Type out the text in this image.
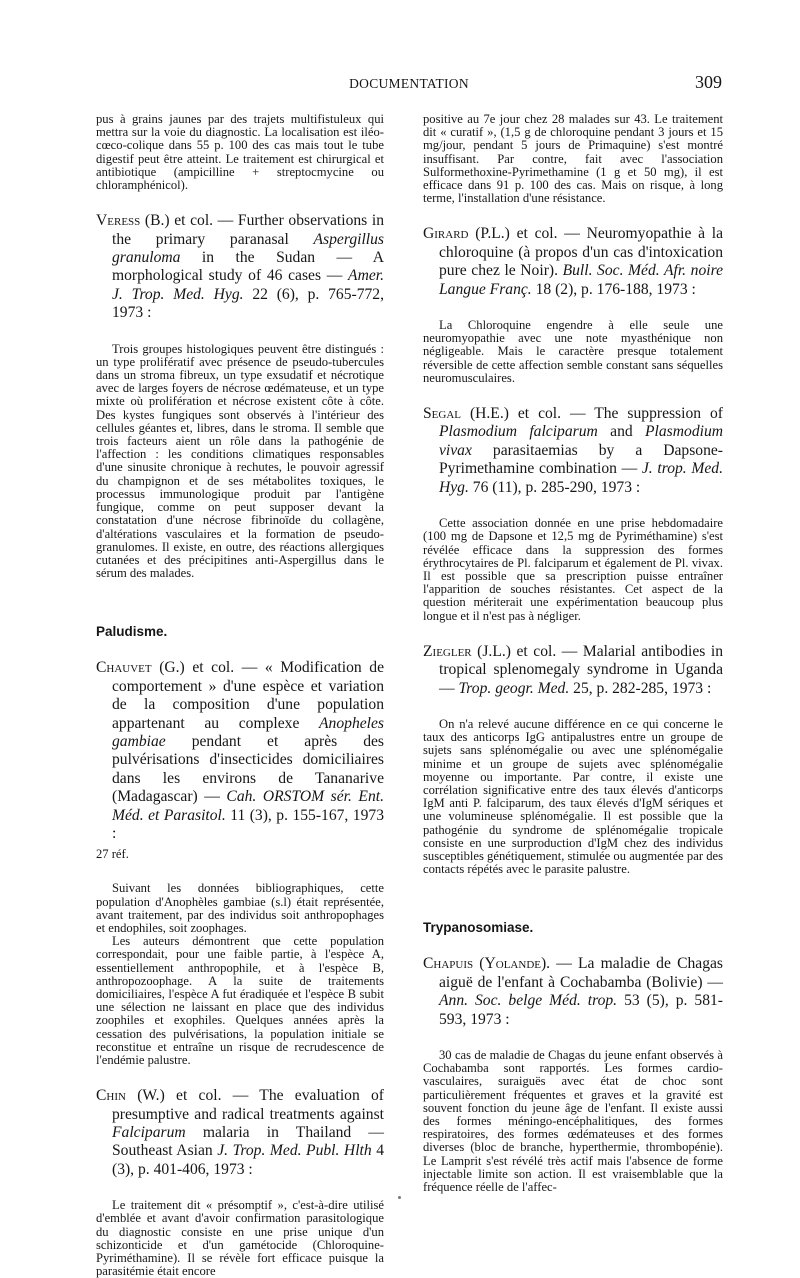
DOCUMENTATION	309

pus à grains jaunes par des trajets multifistuleux qui mettra sur la voie du diagnostic. La localisation est iléo-cœco-colique dans 55 p. 100 des cas mais tout le tube digestif peut être atteint. Le traitement est chirurgical et antibiotique (ampicilline + streptocmycine ou chloramphénicol).

Veress (B.) et col. — Further observations in the primary paranasal Aspergillus granuloma in the Sudan — A morphological study of 46 cases — Amer. J. Trop. Med. Hyg. 22 (6), p. 765-772, 1973 :

Trois groupes histologiques peuvent être distingués : un type prolifératif avec présence de pseudo-tubercules dans un stroma fibreux, un type exsudatif et nécrotique avec de larges foyers de nécrose œdémateuse, et un type mixte où prolifération et nécrose existent côte à côte. Des kystes fungiques sont observés à l'intérieur des cellules géantes et, libres, dans le stroma. Il semble que trois facteurs aient un rôle dans la pathogénie de l'affection : les conditions climatiques responsables d'une sinusite chronique à rechutes, le pouvoir agressif du champignon et de ses métabolites toxiques, le processus immunologique produit par l'antigène fungique, comme on peut supposer devant la constatation d'une nécrose fibrinoïde du collagène, d'altérations vasculaires et la formation de pseudo-granulomes. Il existe, en outre, des réactions allergiques cutanées et des précipitines anti-Aspergillus dans le sérum des malades.

Paludisme.

Chauvet (G.) et col. — « Modification de comportement » d'une espèce et variation de la composition d'une population appartenant au complexe Anopheles gambiae pendant et après des pulvérisations d'insecticides domiciliaires dans les environs de Tananarive (Madagascar) — Cah. ORSTOM sér. Ent. Méd. et Parasitol. 11 (3), p. 155-167, 1973 :

27 réf.

Suivant les données bibliographiques, cette population d'Anophèles gambiae (s.l) était représentée, avant traitement, par des individus soit anthropophages et endophiles, soit zoophages.

Les auteurs démontrent que cette population correspondait, pour une faible partie, à l'espèce A, essentiellement anthropophile, et à l'espèce B, anthropozoophage. A la suite de traitements domiciliaires, l'espèce A fut éradiquée et l'espèce B subit une sélection ne laissant en place que des individus zoophiles et exophiles. Quelques années après la cessation des pulvérisations, la population initiale se reconstitue et entraîne un risque de recrudescence de l'endémie palustre.

Chin (W.) et col. — The evaluation of presumptive and radical treatments against Falciparum malaria in Thailand — Southeast Asian J. Trop. Med. Publ. Hlth 4 (3), p. 401-406, 1973 :

Le traitement dit « présomptif », c'est-à-dire utilisé d'emblée et avant d'avoir confirmation parasitologique du diagnostic consiste en une prise unique d'un schizonticide et d'un gamétocide (Chloroquine-Pyriméthamine). Il se révèle fort efficace puisque la parasitémie était encore

positive au 7e jour chez 28 malades sur 43. Le traitement dit « curatif », (1,5 g de chloroquine pendant 3 jours et 15 mg/jour, pendant 5 jours de Primaquine) s'est montré insuffisant. Par contre, fait avec l'association Sulformethoxine-Pyrimethamine (1 g et 50 mg), il est efficace dans 91 p. 100 des cas. Mais on risque, à long terme, l'installation d'une résistance.

Girard (P.L.) et col. — Neuromyopathie à la chloroquine (à propos d'un cas d'intoxication pure chez le Noir). Bull. Soc. Méd. Afr. noire Langue Franç. 18 (2), p. 176-188, 1973 :

La Chloroquine engendre à elle seule une neuromyopathie avec une note myasthénique non négligeable. Mais le caractère presque totalement réversible de cette affection semble constant sans séquelles neuromusculaires.

Segal (H.E.) et col. — The suppression of Plasmodium falciparum and Plasmodium vivax parasitaemias by a Dapsone-Pyrimethamine combination — J. trop. Med. Hyg. 76 (11), p. 285-290, 1973 :

Cette association donnée en une prise hebdomadaire (100 mg de Dapsone et 12,5 mg de Pyriméthamine) s'est révélée efficace dans la suppression des formes érythrocytaires de Pl. falciparum et également de Pl. vivax. Il est possible que sa prescription puisse entraîner l'apparition de souches résistantes. Cet aspect de la question mériterait une expérimentation beaucoup plus longue et il n'est pas à négliger.

Ziegler (J.L.) et col. — Malarial antibodies in tropical splenomegaly syndrome in Uganda — Trop. geogr. Med. 25, p. 282-285, 1973 :

On n'a relevé aucune différence en ce qui concerne le taux des anticorps IgG antipalustres entre un groupe de sujets sans splénomégalie ou avec une splénomégalie minime et un groupe de sujets avec splénomégalie moyenne ou importante. Par contre, il existe une corrélation significative entre des taux élevés d'anticorps IgM anti P. falciparum, des taux élevés d'IgM sériques et une volumineuse splénomégalie. Il est possible que la pathogénie du syndrome de splénomégalie tropicale consiste en une surproduction d'IgM chez des individus susceptibles génétiquement, stimulée ou augmentée par des contacts répétés avec le parasite palustre.

Trypanosomiase.

Chapuis (Yolande). — La maladie de Chagas aiguë de l'enfant à Cochabamba (Bolivie) — Ann. Soc. belge Méd. trop. 53 (5), p. 581-593, 1973 :

30 cas de maladie de Chagas du jeune enfant observés à Cochabamba sont rapportés. Les formes cardio-vasculaires, suraiguës avec état de choc sont particulièrement fréquentes et graves et la gravité est souvent fonction du jeune âge de l'enfant. Il existe aussi des formes méningo-encéphalitiques, des formes respiratoires, des formes œdémateuses et des formes diverses (bloc de branche, hyperthermie, thrombopénie). Le Lamprit s'est révélé très actif mais l'absence de forme injectable limite son action. Il est vraisemblable que la fréquence réelle de l'affec-
